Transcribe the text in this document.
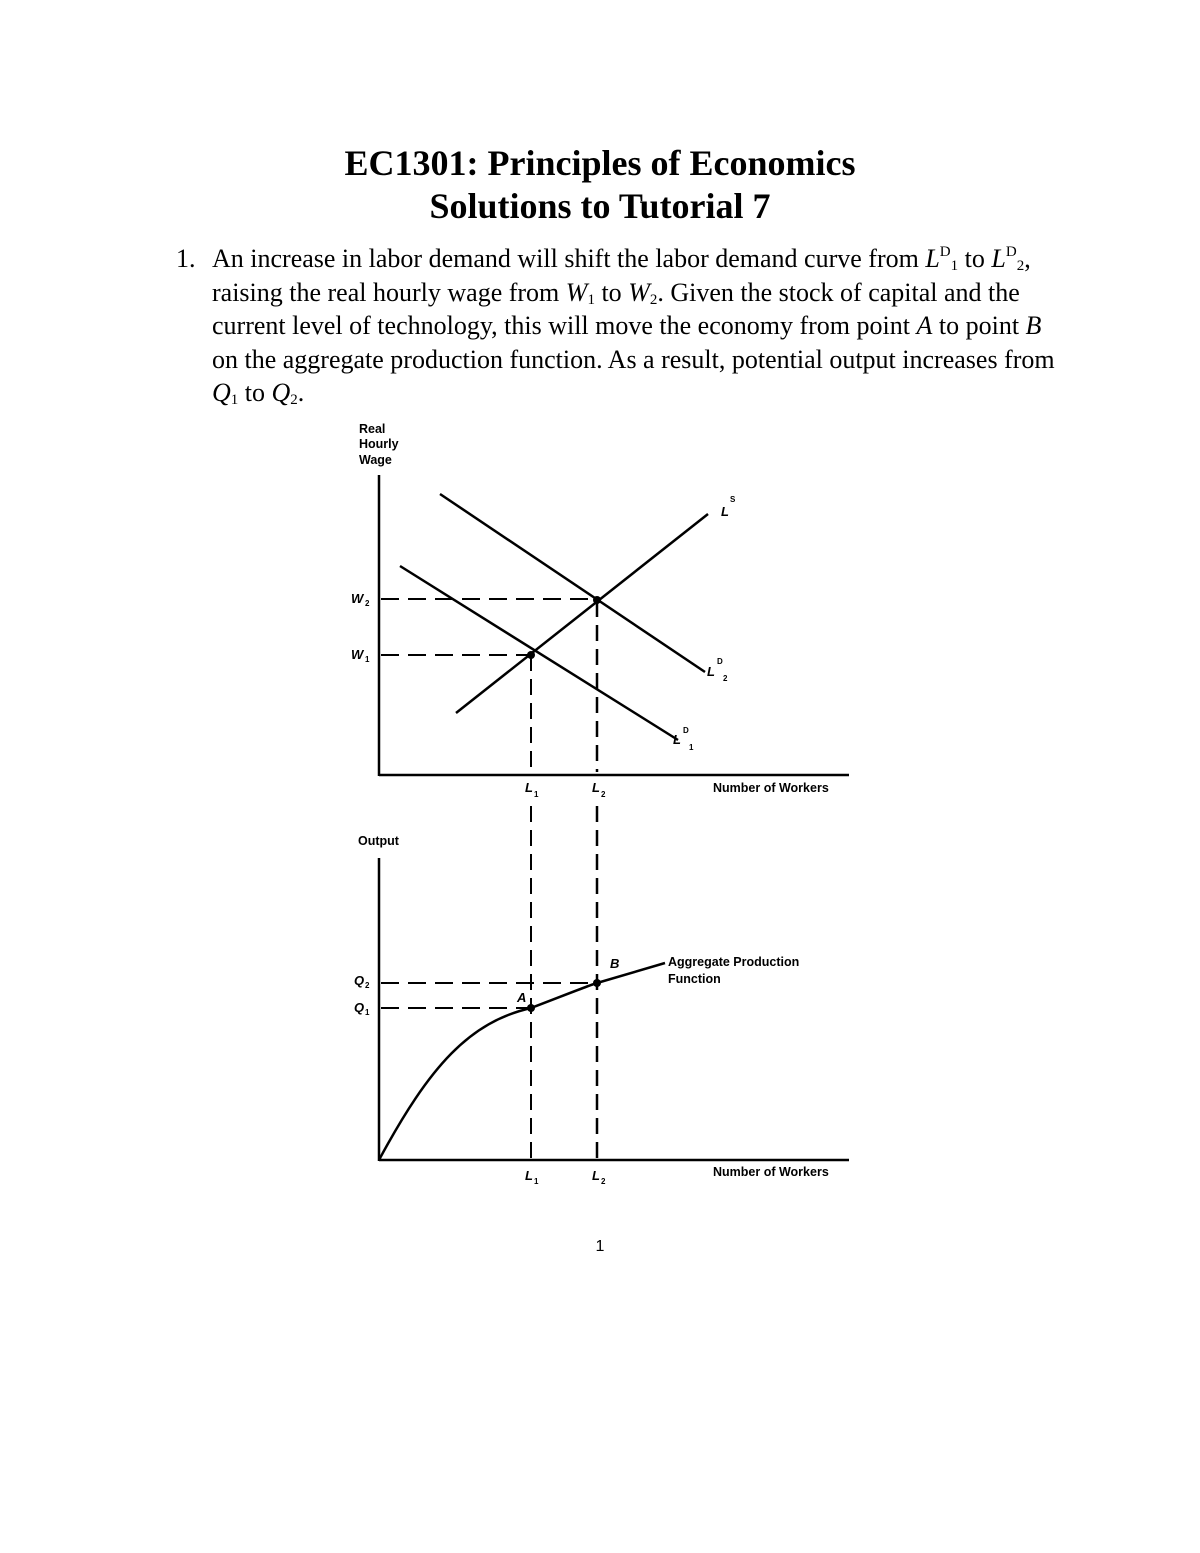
EC1301: Principles of Economics
Solutions to Tutorial 7
1. An increase in labor demand will shift the labor demand curve from $L^D_1$ to $L^D_2$, raising the real hourly wage from $W_1$ to $W_2$. Given the stock of capital and the current level of technology, this will move the economy from point A to point B on the aggregate production function. As a result, potential output increases from $Q_1$ to $Q_2$.
Real
Hourly
Wage
W 2
W 1
L
S
L
D
2
L
D
1
L 1	L 2	Number of Workers
Output
Q 2
Q 1
A
B	Aggregate Production
Function
L 1	L 2
Number of Workers
1
